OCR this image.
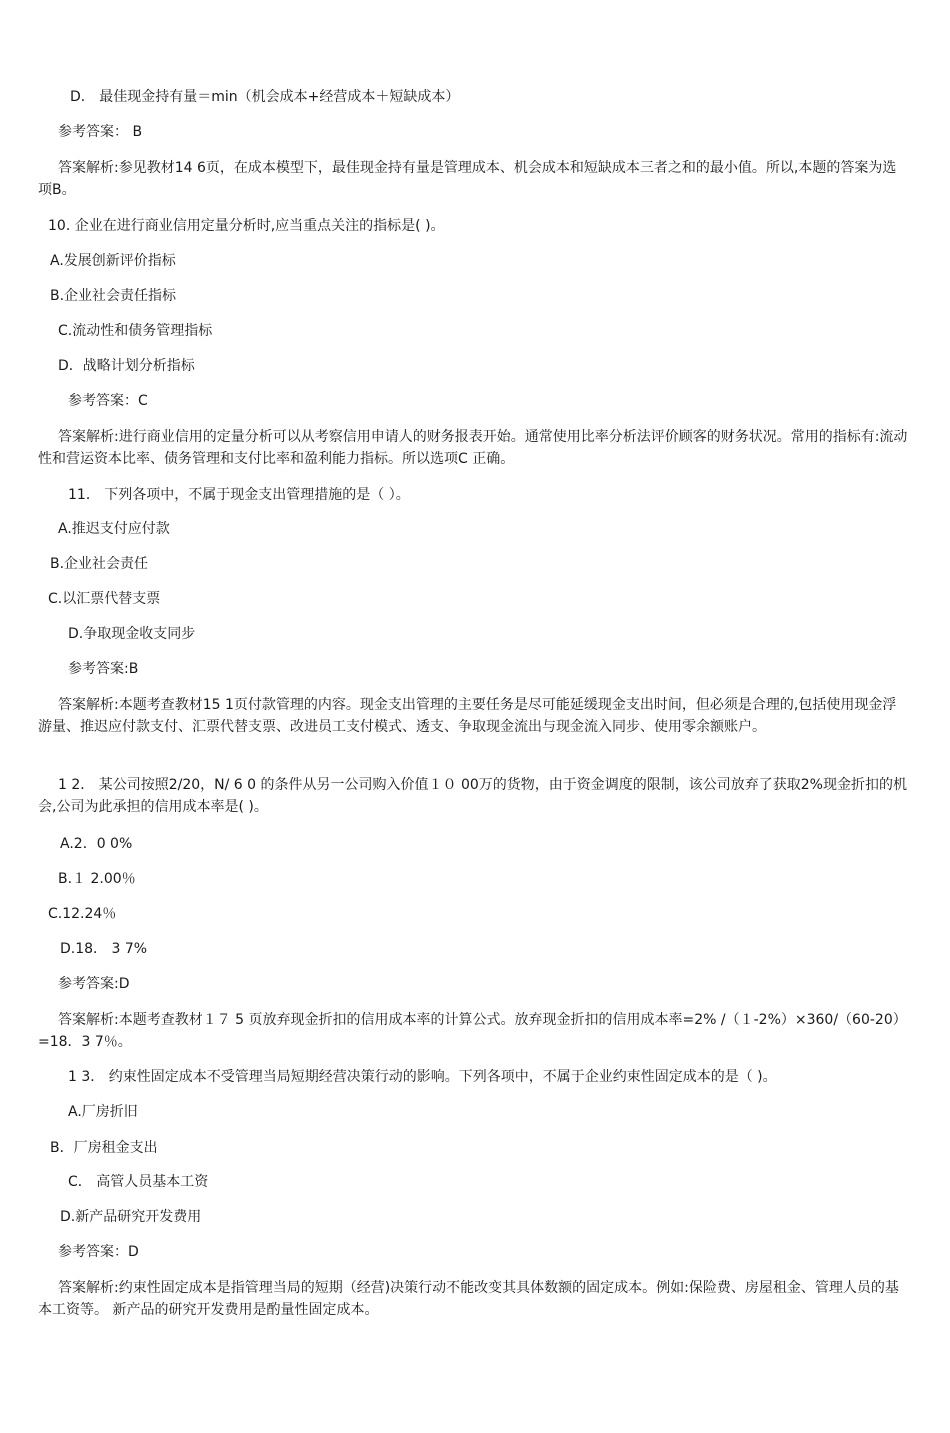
D． 最佳现金持有量＝min（机会成本+经营成本＋短缺成本）
参考答案： B
答案解析:参见教材14 6页，在成本模型下，最佳现金持有量是管理成本、机会成本和短缺成本三者之和的最小值。所以,本题的答案为选项B。
10. 企业在进行商业信用定量分析时,应当重点关注的指标是( )。
A.发展创新评价指标
B.企业社会责任指标
C.流动性和债务管理指标
D．战略计划分析指标
参考答案：C
答案解析:进行商业信用的定量分析可以从考察信用申请人的财务报表开始。通常使用比率分析法评价顾客的财务状况。常用的指标有:流动性和营运资本比率、债务管理和支付比率和盈利能力指标。所以选项C 正确。
11． 下列各项中，不属于现金支出管理措施的是（ ）。
A.推迟支付应付款
B.企业社会责任
C.以汇票代替支票
D.争取现金收支同步
参考答案:B
答案解析:本题考查教材15 1页付款管理的内容。现金支出管理的主要任务是尽可能延缓现金支出时间，但必须是合理的,包括使用现金浮游量、推迟应付款支付、汇票代替支票、改进员工支付模式、透支、争取现金流出与现金流入同步、使用零余额账户。
1 2． 某公司按照2/20，N/ 6 0 的条件从另一公司购入价值１０ 00万的货物，由于资金调度的限制，该公司放弃了获取2%现金折扣的机会,公司为此承担的信用成本率是( )。
A.2．0 0%
B.１ 2.00％
C.12.24％
D.18． 3 7%
参考答案:D
答案解析:本题考查教材１７ 5 页放弃现金折扣的信用成本率的计算公式。放弃现金折扣的信用成本率=2% /（１-2%）×360/（60-20）=18．3 7％。
1 3． 约束性固定成本不受管理当局短期经营决策行动的影响。下列各项中，不属于企业约束性固定成本的是（ )。
A.厂房折旧
B．厂房租金支出
C． 高管人员基本工资
D.新产品研究开发费用
参考答案：D
答案解析:约束性固定成本是指管理当局的短期（经营)决策行动不能改变其具体数额的固定成本。例如:保险费、房屋租金、管理人员的基本工资等。 新产品的研究开发费用是酌量性固定成本。
